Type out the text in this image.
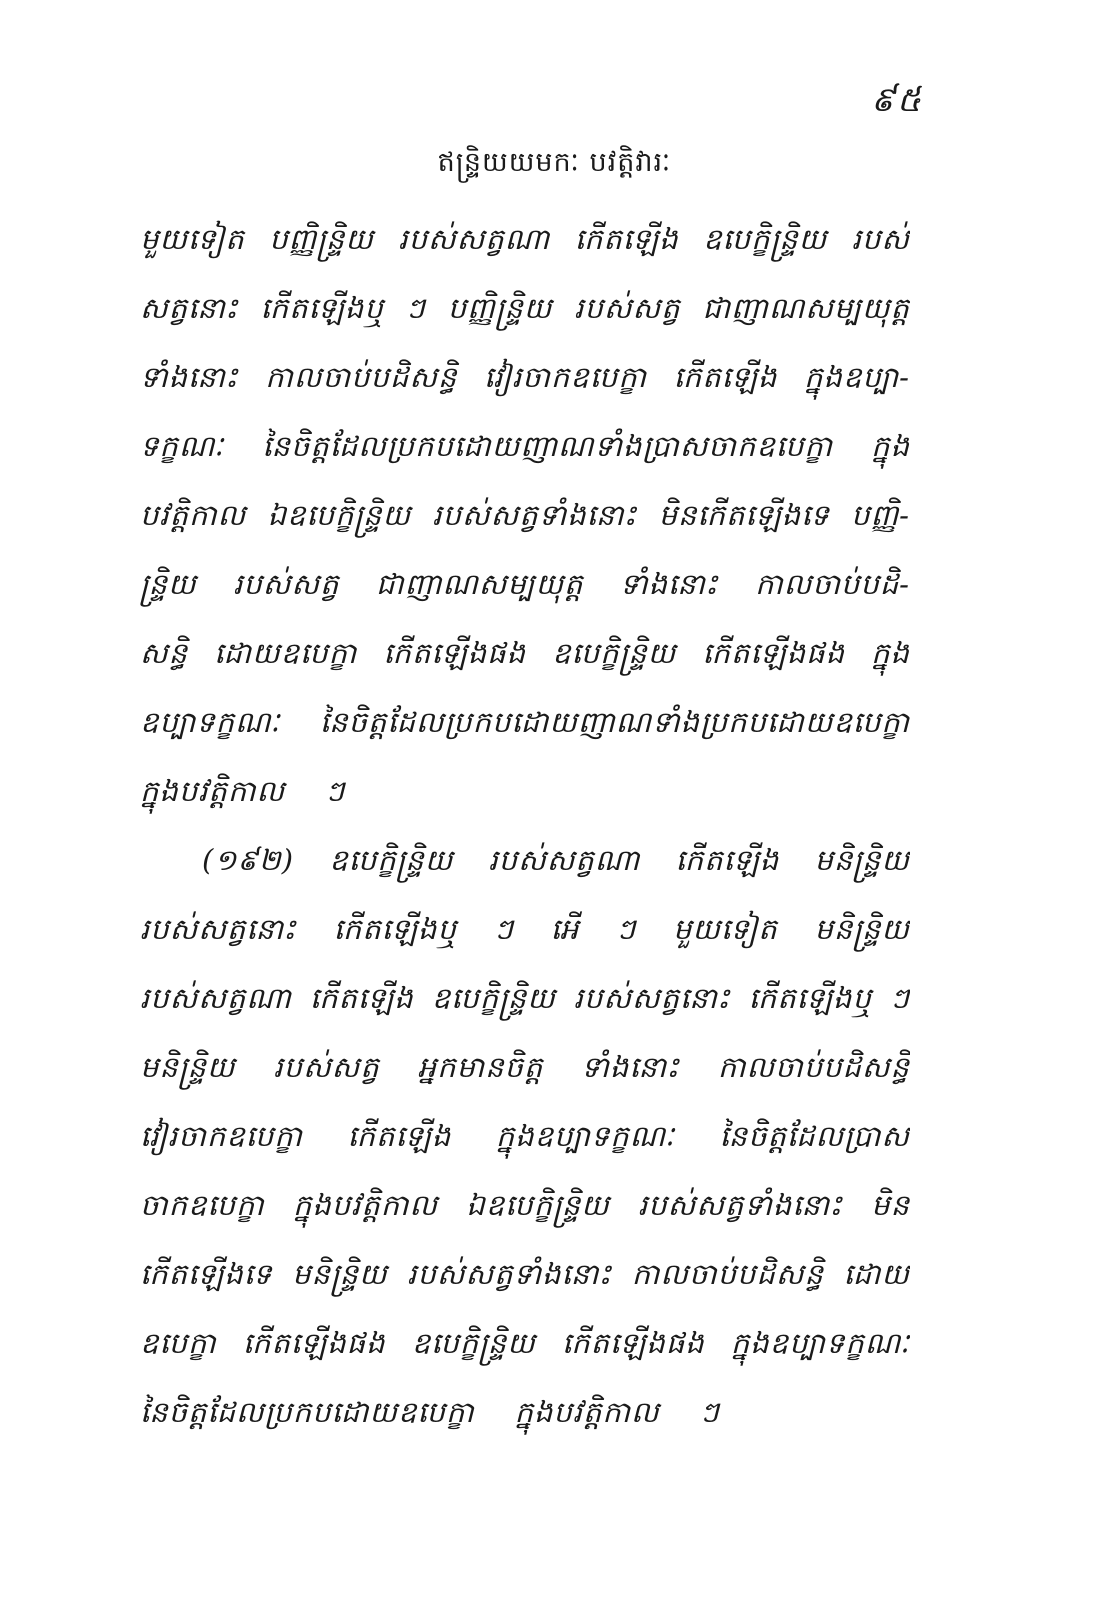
៩៥
ឥន្ទ្រិយយមកៈ បវត្តិវារៈ
មួយទៀត បញ្ញិន្ទ្រិយ របស់សត្វណា កើតឡើង ឧបេក្ខិន្ទ្រិយ របស់
សត្វនោះ កើតឡើងឬ ៗ បញ្ញិន្ទ្រិយ របស់សត្វ ជាញាណសម្បយុត្ត
ទាំងនោះ កាលចាប់បដិសន្ធិ វៀរចាកឧបេក្ខា កើតឡើង ក្នុងឧប្បា-
ទក្ខណៈ នៃចិត្តដែលប្រកបដោយញាណទាំងប្រាសចាកឧបេក្ខា ក្នុង
បវត្តិកាល ឯឧបេក្ខិន្ទ្រិយ របស់សត្វទាំងនោះ មិនកើតឡើងទេ បញ្ញិ-
ន្ទ្រិយ របស់សត្វ ជាញាណសម្បយុត្ត ទាំងនោះ កាលចាប់បដិ-
សន្ធិ ដោយឧបេក្ខា កើតឡើងផង ឧបេក្ខិន្ទ្រិយ កើតឡើងផង ក្នុង
ឧប្បាទក្ខណៈ នៃចិត្តដែលប្រកបដោយញាណទាំងប្រកបដោយឧបេក្ខា
ក្នុងបវត្តិកាល ៗ
(១៩២) ឧបេក្ខិន្ទ្រិយ របស់សត្វណា កើតឡើង មនិន្ទ្រិយ
របស់សត្វនោះ កើតឡើងឬ ៗ អើ ៗ មួយទៀត មនិន្ទ្រិយ
របស់សត្វណា កើតឡើង ឧបេក្ខិន្ទ្រិយ របស់សត្វនោះ កើតឡើងឬ ៗ
មនិន្ទ្រិយ របស់សត្វ អ្នកមានចិត្ត ទាំងនោះ កាលចាប់បដិសន្ធិ
វៀរចាកឧបេក្ខា កើតឡើង ក្នុងឧប្បាទក្ខណៈ នៃចិត្តដែលប្រាស
ចាកឧបេក្ខា ក្នុងបវត្តិកាល ឯឧបេក្ខិន្ទ្រិយ របស់សត្វទាំងនោះ មិន
កើតឡើងទេ មនិន្ទ្រិយ របស់សត្វទាំងនោះ កាលចាប់បដិសន្ធិ ដោយ
ឧបេក្ខា កើតឡើងផង ឧបេក្ខិន្ទ្រិយ កើតឡើងផង ក្នុងឧប្បាទក្ខណៈ
នៃចិត្តដែលប្រកបដោយឧបេក្ខា ក្នុងបវត្តិកាល ៗ
